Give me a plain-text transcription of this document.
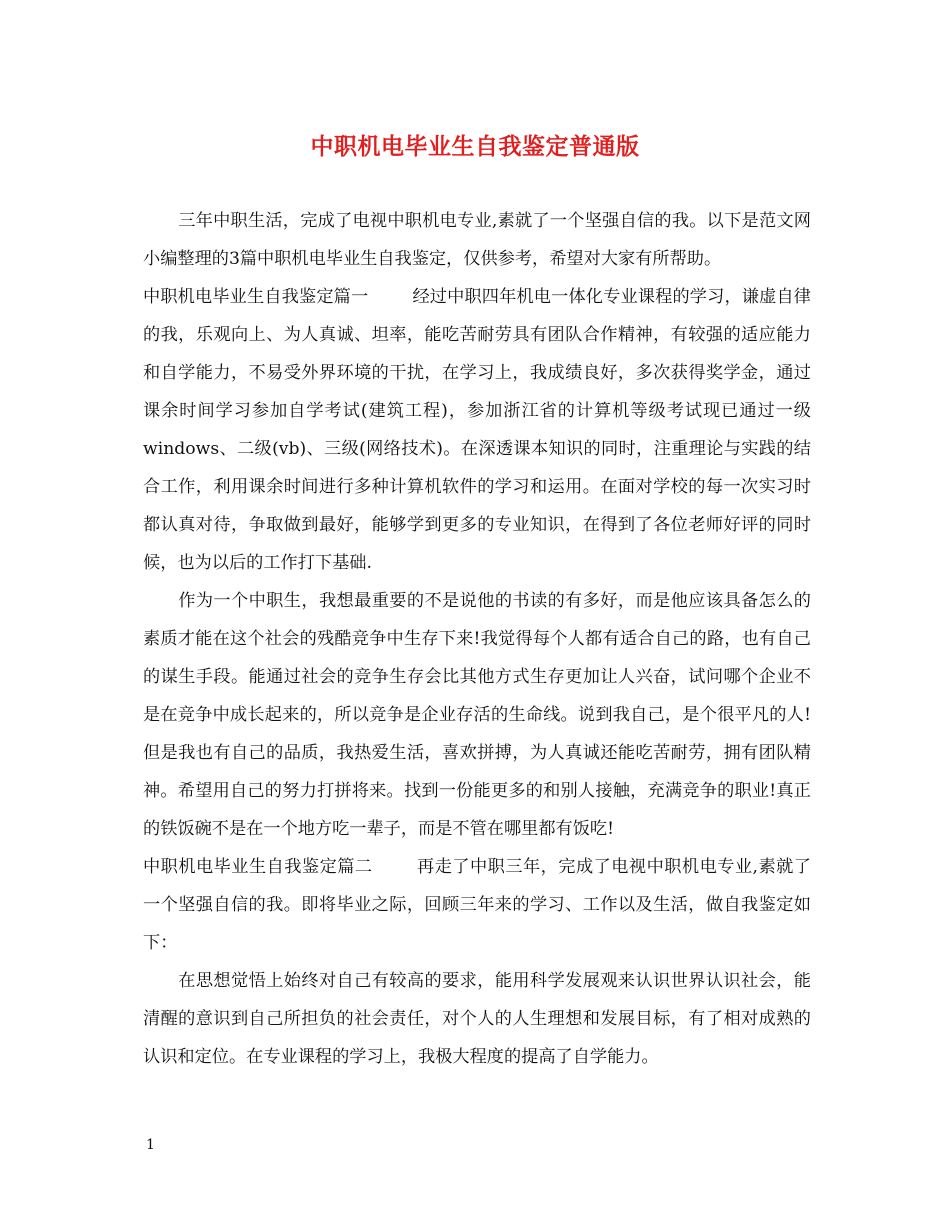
中职机电毕业生自我鉴定普通版

三年中职生活，完成了电视中职机电专业,素就了一个坚强自信的我。以下是范文网小编整理的3篇中职机电毕业生自我鉴定，仅供参考，希望对大家有所帮助。

中职机电毕业生自我鉴定篇一	经过中职四年机电一体化专业课程的学习，谦虚自律的我，乐观向上、为人真诚、坦率，能吃苦耐劳具有团队合作精神，有较强的适应能力和自学能力，不易受外界环境的干扰，在学习上，我成绩良好，多次获得奖学金，通过课余时间学习参加自学考试(建筑工程)，参加浙江省的计算机等级考试现已通过一级windows、二级(vb)、三级(网络技术)。在深透课本知识的同时，注重理论与实践的结合工作，利用课余时间进行多种计算机软件的学习和运用。在面对学校的每一次实习时都认真对待，争取做到最好，能够学到更多的专业知识，在得到了各位老师好评的同时候，也为以后的工作打下基础.

作为一个中职生，我想最重要的不是说他的书读的有多好，而是他应该具备怎么的素质才能在这个社会的残酷竞争中生存下来!我觉得每个人都有适合自己的路，也有自己的谋生手段。能通过社会的竞争生存会比其他方式生存更加让人兴奋，试问哪个企业不是在竞争中成长起来的，所以竞争是企业存活的生命线。说到我自己，是个很平凡的人!但是我也有自己的品质，我热爱生活，喜欢拼搏，为人真诚还能吃苦耐劳，拥有团队精神。希望用自己的努力打拼将来。找到一份能更多的和别人接触，充满竞争的职业!真正的铁饭碗不是在一个地方吃一辈子，而是不管在哪里都有饭吃!

中职机电毕业生自我鉴定篇二	再走了中职三年，完成了电视中职机电专业,素就了一个坚强自信的我。即将毕业之际，回顾三年来的学习、工作以及生活，做自我鉴定如下：

在思想觉悟上始终对自己有较高的要求，能用科学发展观来认识世界认识社会，能清醒的意识到自己所担负的社会责任，对个人的人生理想和发展目标，有了相对成熟的认识和定位。在专业课程的学习上，我极大程度的提高了自学能力。

1
